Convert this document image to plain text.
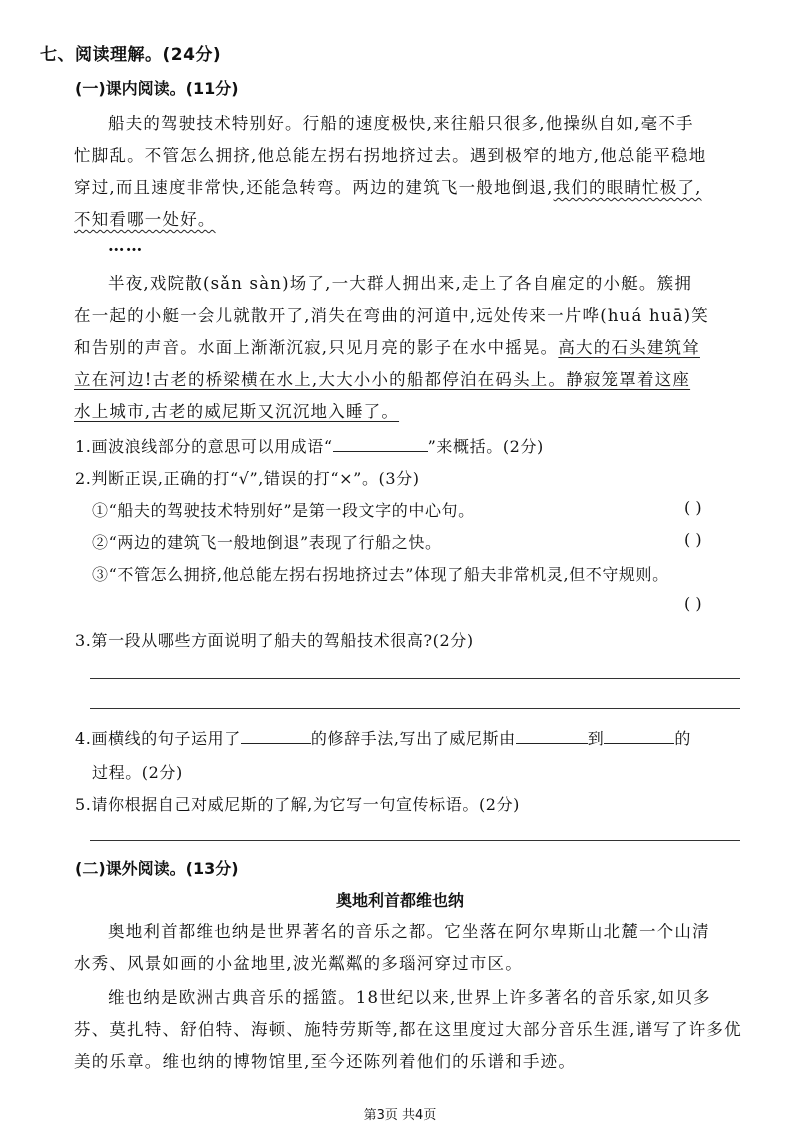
七、阅读理解。(24分)
(一)课内阅读。(11分)
船夫的驾驶技术特别好。行船的速度极快,来往船只很多,他操纵自如,毫不手
忙脚乱。不管怎么拥挤,他总能左拐右拐地挤过去。遇到极窄的地方,他总能平稳地
穿过,而且速度非常快,还能急转弯。两边的建筑飞一般地倒退,我们的眼睛忙极了,
不知看哪一处好。
……
半夜,戏院散(sǎn sàn)场了,一大群人拥出来,走上了各自雇定的小艇。簇拥
在一起的小艇一会儿就散开了,消失在弯曲的河道中,远处传来一片哗(huá huā)笑
和告别的声音。水面上渐渐沉寂,只见月亮的影子在水中摇晃。高大的石头建筑耸
立在河边!古老的桥梁横在水上,大大小小的船都停泊在码头上。静寂笼罩着这座
水上城市,古老的威尼斯又沉沉地入睡了。
1.画波浪线部分的意思可以用成语“	”来概括。(2分)
2.判断正误,正确的打“√”,错误的打“×”。(3分)
①“船夫的驾驶技术特别好”是第一段文字的中心句。	( )
②“两边的建筑飞一般地倒退”表现了行船之快。	( )
③“不管怎么拥挤,他总能左拐右拐地挤过去”体现了船夫非常机灵,但不守规则。
( )
3.第一段从哪些方面说明了船夫的驾船技术很高?(2分)
4.画横线的句子运用了	的修辞手法,写出了威尼斯由	到	的
过程。(2分)
5.请你根据自己对威尼斯的了解,为它写一句宣传标语。(2分)
(二)课外阅读。(13分)
奥地利首都维也纳
奥地利首都维也纳是世界著名的音乐之都。它坐落在阿尔卑斯山北麓一个山清
水秀、风景如画的小盆地里,波光粼粼的多瑙河穿过市区。
维也纳是欧洲古典音乐的摇篮。18世纪以来,世界上许多著名的音乐家,如贝多
芬、莫扎特、舒伯特、海顿、施特劳斯等,都在这里度过大部分音乐生涯,谱写了许多优
美的乐章。维也纳的博物馆里,至今还陈列着他们的乐谱和手迹。
第3页 共4页
